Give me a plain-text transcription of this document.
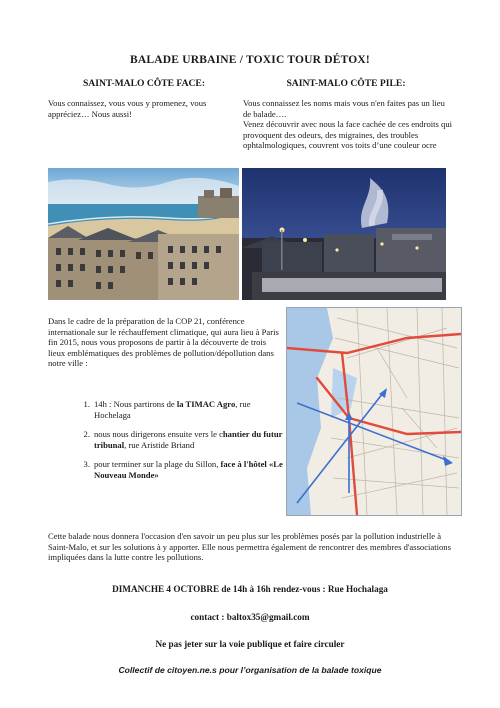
BALADE URBAINE / TOXIC TOUR DÉTOX!
SAINT-MALO CÔTE FACE:	SAINT-MALO CÔTE PILE:
Vous connaissez, vous vous y promenez, vous appréciez… Nous aussi!
Vous connaissez les noms mais vous n'en faites pas un lieu de balade….
Venez découvrir avec nous la face cachée de ces endroits qui provoquent des odeurs, des migraines, des troubles ophtalmologiques, couvrent vos toits d’une couleur ocre
Dans le cadre de la préparation de la COP 21, conférence internationale sur le réchauffement climatique, qui aura lieu à Paris fin 2015, nous vous proposons de partir à la découverte de trois lieux emblématiques des problèmes de pollution/dépollution dans notre ville :
1. 14h : Nous partirons de la TIMAC Agro, rue Hochelaga
2. nous nous dirigerons ensuite vers le chantier du futur tribunal, rue Aristide Briand
3. pour terminer sur la plage du Sillon, face à l'hôtel «Le Nouveau Monde»
Cette balade nous donnera l'occasion d'en savoir un peu plus sur les problèmes posés par la pollution industrielle à Saint-Malo, et sur les solutions à y apporter. Elle nous permettra également de rencontrer des membres d'associations impliquées dans la lutte contre les pollutions.
DIMANCHE 4 OCTOBRE de 14h à 16h rendez-vous : Rue Hochalaga
contact : baltox35@gmail.com
Ne pas jeter sur la voie publique et faire circuler
Collectif de citoyen.ne.s pour l’organisation de la balade toxique
